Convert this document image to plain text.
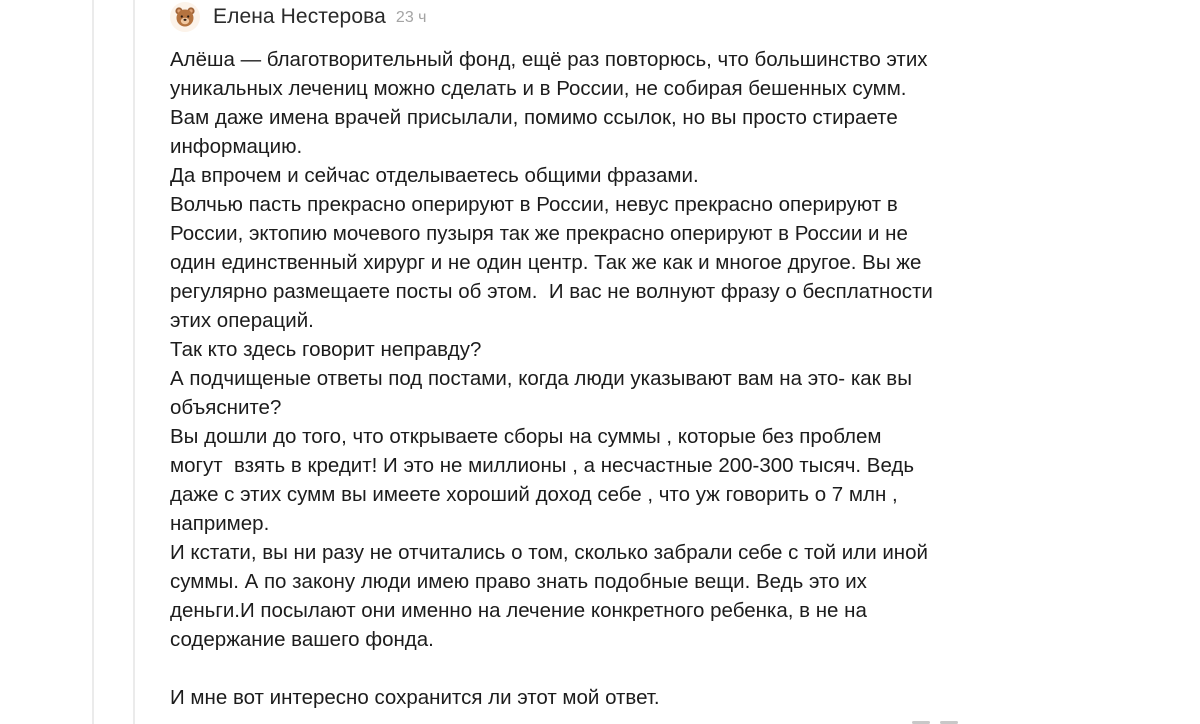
Елена Нестерова 23 ч
Алёша — благотворительный фонд, ещё раз повторюсь, что большинство этих
уникальных лечениц можно сделать и в России, не собирая бешенных сумм.
Вам даже имена врачей присылали, помимо ссылок, но вы просто стираете
информацию.
Да впрочем и сейчас отделываетесь общими фразами.
Волчью пасть прекрасно оперируют в России, невус прекрасно оперируют в
России, эктопию мочевого пузыря так же прекрасно оперируют в России и не
один единственный хирург и не один центр. Так же как и многое другое. Вы же
регулярно размещаете посты об этом.  И вас не волнуют фразу о бесплатности
этих операций.
Так кто здесь говорит неправду?
А подчищеные ответы под постами, когда люди указывают вам на это- как вы
объясните?
Вы дошли до того, что открываете сборы на суммы , которые без проблем
могут  взять в кредит! И это не миллионы , а несчастные 200-300 тысяч. Ведь
даже с этих сумм вы имеете хороший доход себе , что уж говорить о 7 млн ,
например.
И кстати, вы ни разу не отчитались о том, сколько забрали себе с той или иной
суммы. А по закону люди имею право знать подобные вещи. Ведь это их
деньги.И посылают они именно на лечение конкретного ребенка, в не на
содержание вашего фонда.
И мне вот интересно сохранится ли этот мой ответ.
